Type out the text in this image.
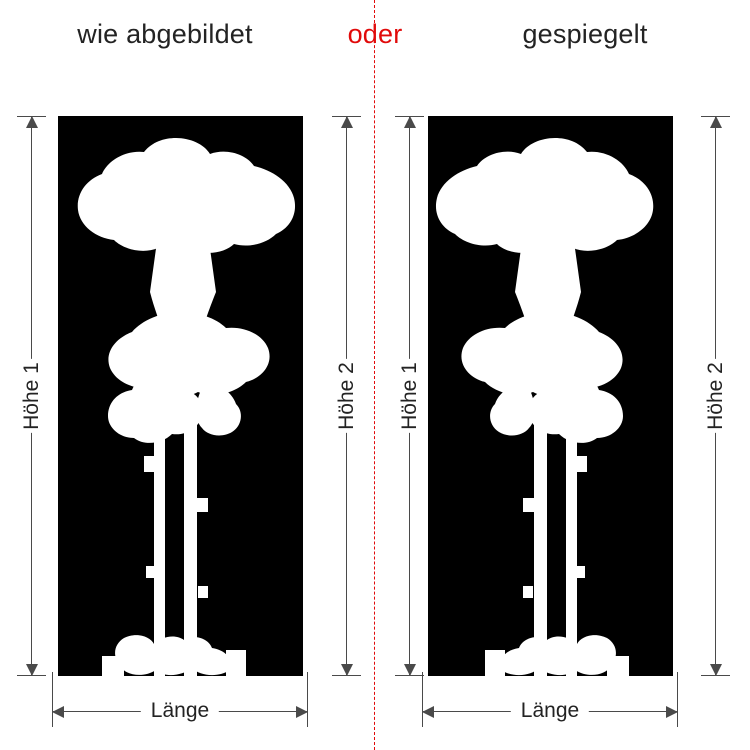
wie abgebildet	oder	gespiegelt
Höhe 1	Höhe 2
Länge
Höhe 1	Höhe 2
Länge
